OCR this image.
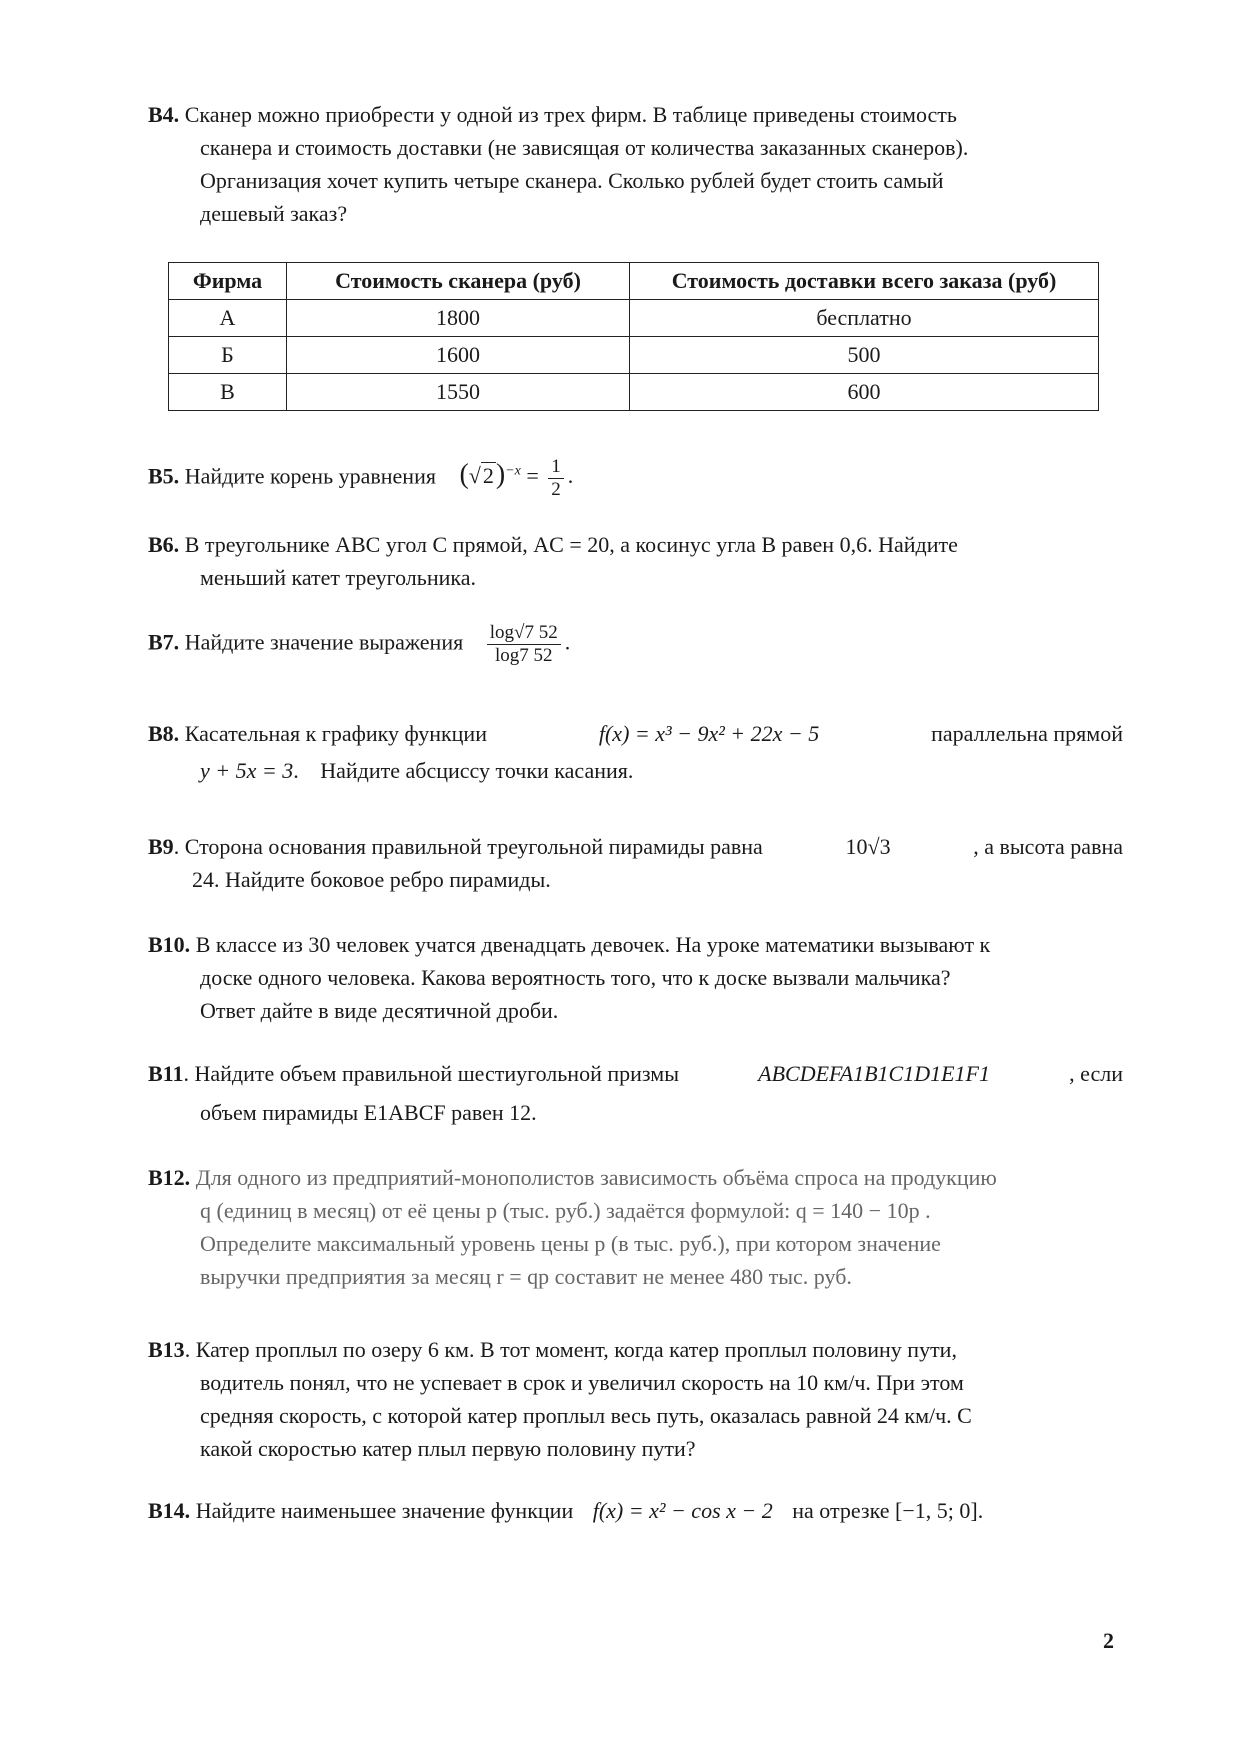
B4. Сканер можно приобрести у одной из трех фирм. В таблице приведены стоимость
сканера и стоимость доставки (не зависящая от количества заказанных сканеров).
Организация хочет купить четыре сканера. Сколько рублей будет стоить самый
дешевый заказ?
Фирма	Стоимость сканера (руб)	Стоимость доставки всего заказа (руб)
А	1800	бесплатно
Б	1600	500
В	1550	600
B5. Найдите корень уравнения $(√2)^{-x} = \frac{1}{2}$ .
B6. В треугольнике ABC угол C прямой, AC = 20, а косинус угла B равен 0,6. Найдите
меньший катет треугольника.
B7. Найдите значение выражения $\frac{\log√7 52}{\log 7 52}$ .
B8. Касательная к графику функции	f(x) = x³ − 9x² + 22x − 5	параллельна прямой
y + 5x = 3. Найдите абсциссу точки касания.
B9. Сторона основания правильной треугольной пирамиды равна	10√3	, а высота равна
24. Найдите боковое ребро пирамиды.
B10. В классе из 30 человек учатся двенадцать девочек. На уроке математики вызывают к
доске одного человека. Какова вероятность того, что к доске вызвали мальчика?
Ответ дайте в виде десятичной дроби.
B11. Найдите объем правильной шестиугольной призмы	ABCDEFA1B1C1D1E1F1	, если
объем пирамиды E1ABCF равен 12.
B12. Для одного из предприятий-монополистов зависимость объёма спроса на продукцию
q (единиц в месяц) от её цены p (тыс. руб.) задаётся формулой: q = 140 − 10p .
Определите максимальный уровень цены p (в тыс. руб.), при котором значение
выручки предприятия за месяц r = qp составит не менее 480 тыс. руб.
B13. Катер проплыл по озеру 6 км. В тот момент, когда катер проплыл половину пути,
водитель понял, что не успевает в срок и увеличил скорость на 10 км/ч. При этом
средняя скорость, с которой катер проплыл весь путь, оказалась равной 24 км/ч. С
какой скоростью катер плыл первую половину пути?
B14. Найдите наименьшее значение функции f(x) = x² − cos x − 2 на отрезке [−1, 5; 0].
2
